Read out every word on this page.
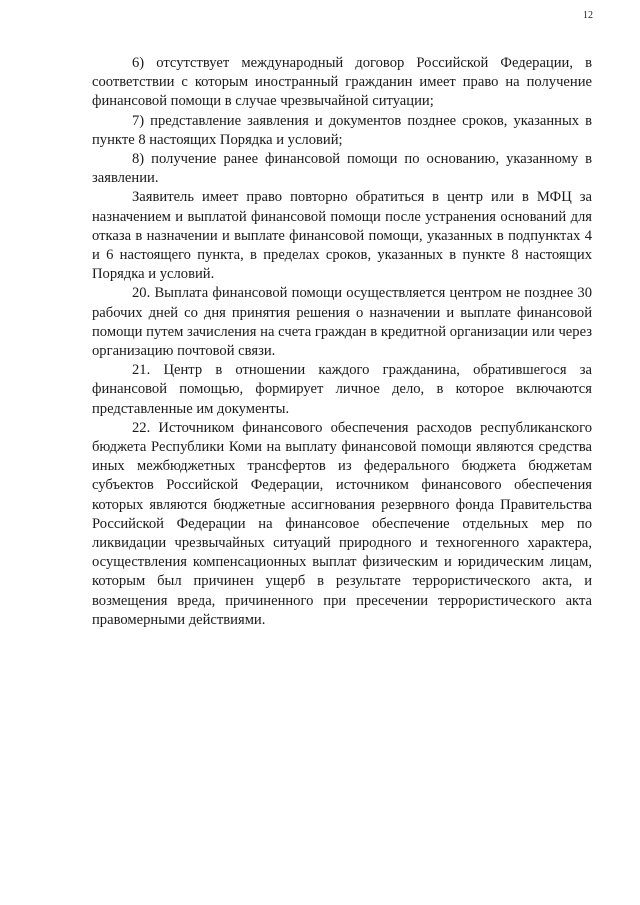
12

6) отсутствует международный договор Российской Федерации, в соответствии с которым иностранный гражданин имеет право на получение финансовой помощи в случае чрезвычайной ситуации;

7) представление заявления и документов позднее сроков, указанных в пункте 8 настоящих Порядка и условий;

8) получение ранее финансовой помощи по основанию, указанному в заявлении.

Заявитель имеет право повторно обратиться в центр или в МФЦ за назначением и выплатой финансовой помощи после устранения оснований для отказа в назначении и выплате финансовой помощи, указанных в подпунктах 4 и 6 настоящего пункта, в пределах сроков, указанных в пункте 8 настоящих Порядка и условий.

20. Выплата финансовой помощи осуществляется центром не позднее 30 рабочих дней со дня принятия решения о назначении и выплате финансовой помощи путем зачисления на счета граждан в кредитной организации или через организацию почтовой связи.

21. Центр в отношении каждого гражданина, обратившегося за финансовой помощью, формирует личное дело, в которое включаются представленные им документы.

22. Источником финансового обеспечения расходов республиканского бюджета Республики Коми на выплату финансовой помощи являются средства иных межбюджетных трансфертов из федерального бюджета бюджетам субъектов Российской Федерации, источником финансового обеспечения которых являются бюджетные ассигнования резервного фонда Правительства Российской Федерации на финансовое обеспечение отдельных мер по ликвидации чрезвычайных ситуаций природного и техногенного характера, осуществления компенсационных выплат физическим и юридическим лицам, которым был причинен ущерб в результате террористического акта, и возмещения вреда, причиненного при пресечении террористического акта правомерными действиями.
